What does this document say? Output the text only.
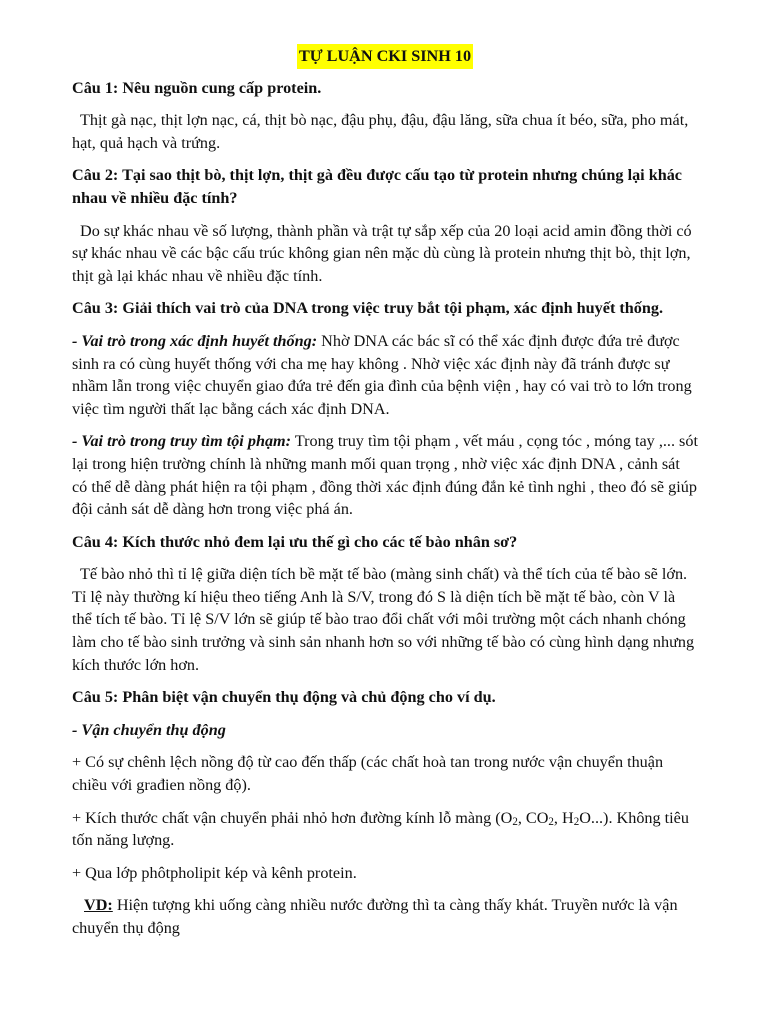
TỰ LUẬN CKI SINH 10
Câu 1: Nêu nguồn cung cấp protein.
Thịt gà nạc, thịt lợn nạc, cá, thịt bò nạc, đậu phụ, đậu, đậu lăng, sữa chua ít béo, sữa, pho mát, hạt, quả hạch và trứng.
Câu 2: Tại sao thịt bò, thịt lợn, thịt gà đều được cấu tạo từ protein nhưng chúng lại khác nhau về nhiều đặc tính?
Do sự khác nhau về số lượng, thành phần và trật tự sắp xếp của 20 loại acid amin đồng thời có sự khác nhau về các bậc cấu trúc không gian nên mặc dù cùng là protein nhưng thịt bò, thịt lợn, thịt gà lại khác nhau về nhiều đặc tính.
Câu 3: Giải thích vai trò của DNA trong việc truy bắt tội phạm, xác định huyết thống.
- Vai trò trong xác định huyết thống: Nhờ DNA các bác sĩ có thể xác định được đứa trẻ được sinh ra có cùng huyết thống với cha mẹ hay không . Nhờ việc xác định này đã tránh được sự nhầm lẫn trong việc chuyển giao đứa trẻ đến gia đình của bệnh viện , hay có vai trò to lớn trong việc tìm người thất lạc bằng cách xác định DNA.
- Vai trò trong truy tìm tội phạm: Trong truy tìm tội phạm , vết máu , cọng tóc , móng tay ,... sót lại trong hiện trường chính là những manh mối quan trọng , nhờ việc xác định DNA , cảnh sát có thể dễ dàng phát hiện ra tội phạm , đồng thời xác định đúng đắn kẻ tình nghi , theo đó sẽ giúp đội cảnh sát dễ dàng hơn trong việc phá án.
Câu 4: Kích thước nhỏ đem lại ưu thế gì cho các tế bào nhân sơ?
Tế bào nhỏ thì tỉ lệ giữa diện tích bề mặt tế bào (màng sinh chất) và thể tích của tế bào sẽ lớn. Tỉ lệ này thường kí hiệu theo tiếng Anh là S/V, trong đó S là diện tích bề mặt tế bào, còn V là thể tích tế bào. Tỉ lệ S/V lớn sẽ giúp tế bào trao đổi chất với môi trường một cách nhanh chóng làm cho tế bào sinh trưởng và sinh sản nhanh hơn so với những tế bào có cùng hình dạng nhưng kích thước lớn hơn.
Câu 5: Phân biệt vận chuyển thụ động và chủ động cho ví dụ.
- Vận chuyển thụ động
+ Có sự chênh lệch nồng độ từ cao đến thấp (các chất hoà tan trong nước vận chuyển thuận chiều với građien nồng độ).
+ Kích thước chất vận chuyển phải nhỏ hơn đường kính lỗ màng (O2, CO2, H2O...). Không tiêu tốn năng lượng.
+ Qua lớp phôtpholipit kép và kênh protein.
VD: Hiện tượng khi uống càng nhiều nước đường thì ta càng thấy khát. Truyền nước là vận chuyển thụ động
